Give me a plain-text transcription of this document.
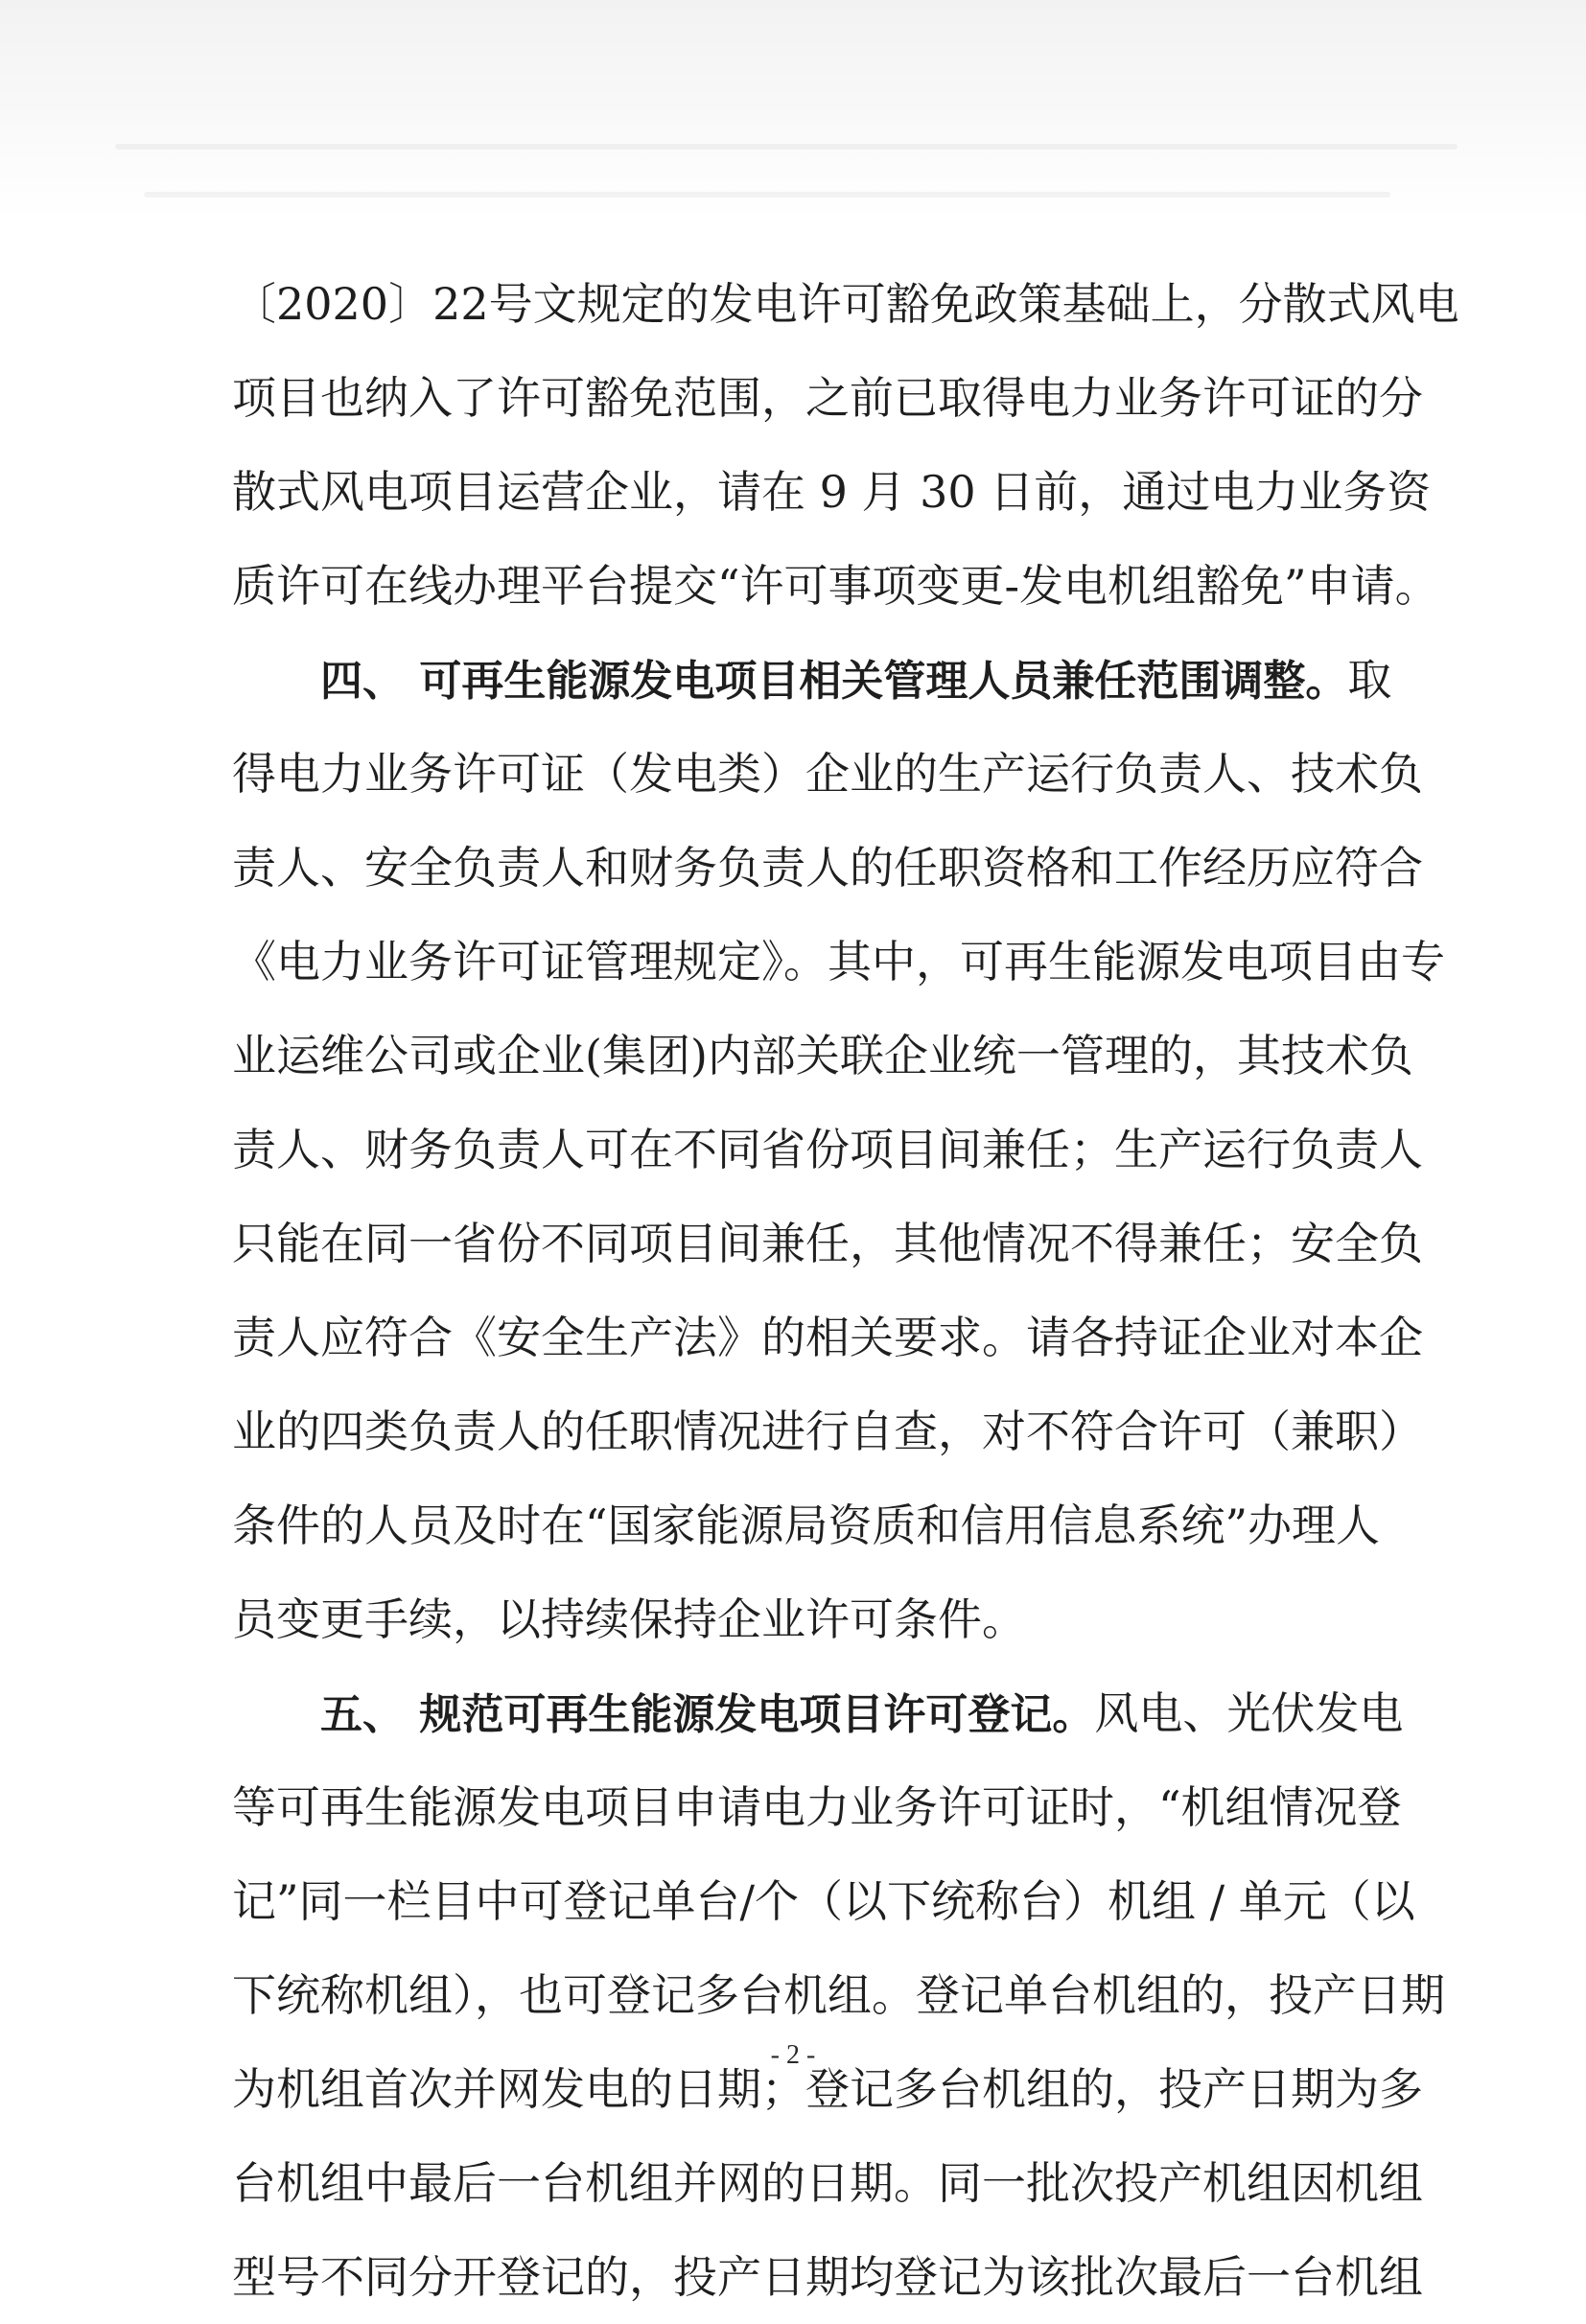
〔2020〕22号文规定的发电许可豁免政策基础上，分散式风电
项目也纳入了许可豁免范围，之前已取得电力业务许可证的分
散式风电项目运营企业，请在 9 月 30 日前，通过电力业务资
质许可在线办理平台提交“许可事项变更-发电机组豁免”申请。
四、 可再生能源发电项目相关管理人员兼任范围调整。取
得电力业务许可证（发电类）企业的生产运行负责人、技术负
责人、安全负责人和财务负责人的任职资格和工作经历应符合
《电力业务许可证管理规定》。其中，可再生能源发电项目由专
业运维公司或企业(集团)内部关联企业统一管理的，其技术负
责人、财务负责人可在不同省份项目间兼任；生产运行负责人
只能在同一省份不同项目间兼任，其他情况不得兼任；安全负
责人应符合《安全生产法》的相关要求。请各持证企业对本企
业的四类负责人的任职情况进行自查，对不符合许可（兼职）
条件的人员及时在“国家能源局资质和信用信息系统”办理人
员变更手续，以持续保持企业许可条件。
五、 规范可再生能源发电项目许可登记。风电、光伏发电
等可再生能源发电项目申请电力业务许可证时，“机组情况登
记”同一栏目中可登记单台/个（以下统称台）机组 / 单元（以
下统称机组），也可登记多台机组。登记单台机组的，投产日期
为机组首次并网发电的日期；登记多台机组的，投产日期为多
台机组中最后一台机组并网的日期。同一批次投产机组因机组
型号不同分开登记的，投产日期均登记为该批次最后一台机组
- 2 -
